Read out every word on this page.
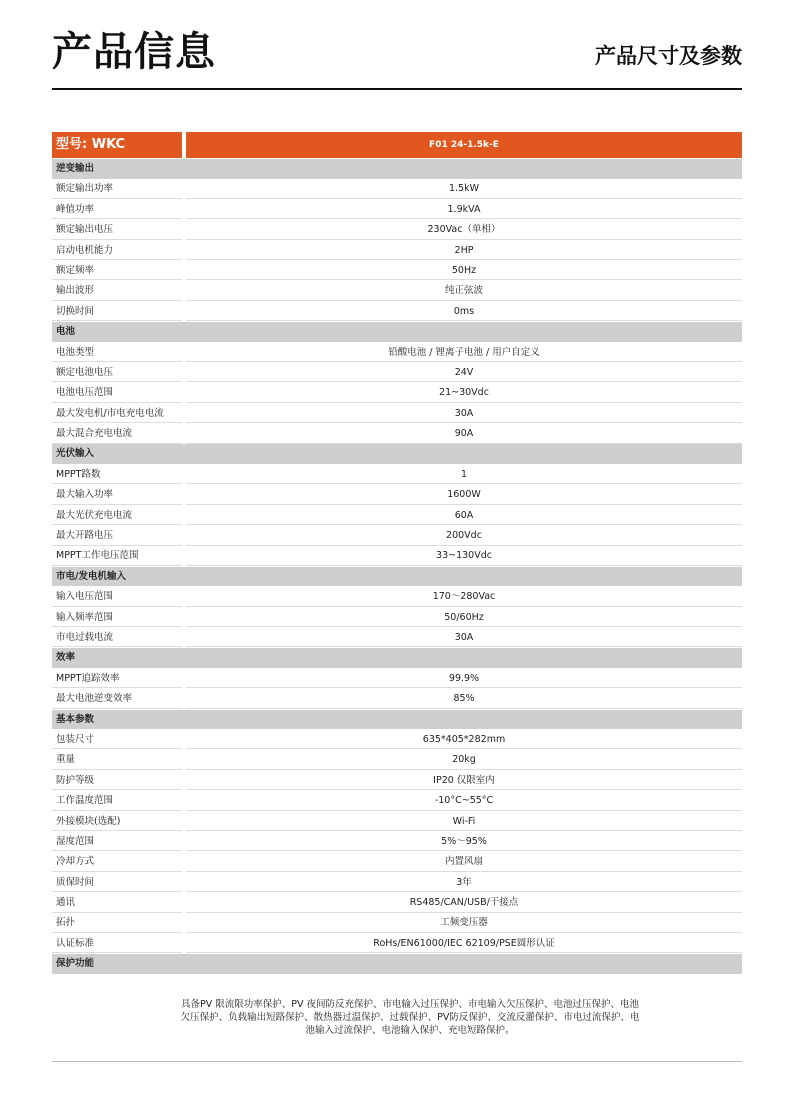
产品信息	产品尺寸及参数
型号: WKC	F01 24-1.5k-E
逆变输出
额定输出功率	1.5kW
峰值功率	1.9kVA
额定输出电压	230Vac（单相）
启动电机能力	2HP
额定频率	50Hz
输出波形	纯正弦波
切换时间	0ms
电池
电池类型	铅酸电池 / 锂离子电池 / 用户自定义
额定电池电压	24V
电池电压范围	21~30Vdc
最大发电机/市电充电电流	30A
最大混合充电电流	90A
光伏输入
MPPT路数	1
最大输入功率	1600W
最大光伏充电电流	60A
最大开路电压	200Vdc
MPPT工作电压范围	33~130Vdc
市电/发电机输入
输入电压范围	170～280Vac
输入频率范围	50/60Hz
市电过载电流	30A
效率
MPPT追踪效率	99.9%
最大电池逆变效率	85%
基本参数
包装尺寸	635*405*282mm
重量	20kg
防护等级	IP20 仅限室内
工作温度范围	-10°C~55°C
外接模块(选配)	Wi-Fi
湿度范围	5%～95%
冷却方式	内置风扇
质保时间	3年
通讯	RS485/CAN/USB/干接点
拓扑	工频变压器
认证标准	RoHs/EN61000/IEC 62109/PSE圆形认证
保护功能
具备PV 限流限功率保护、PV 夜间防反充保护、市电输入过压保护、市电输入欠压保护、电池过压保护、电池
欠压保护、负载输出短路保护、散热器过温保护、过载保护、PV防反保护、交流反灌保护、市电过流保护、电
池输入过流保护、电池输入保护、充电短路保护。
